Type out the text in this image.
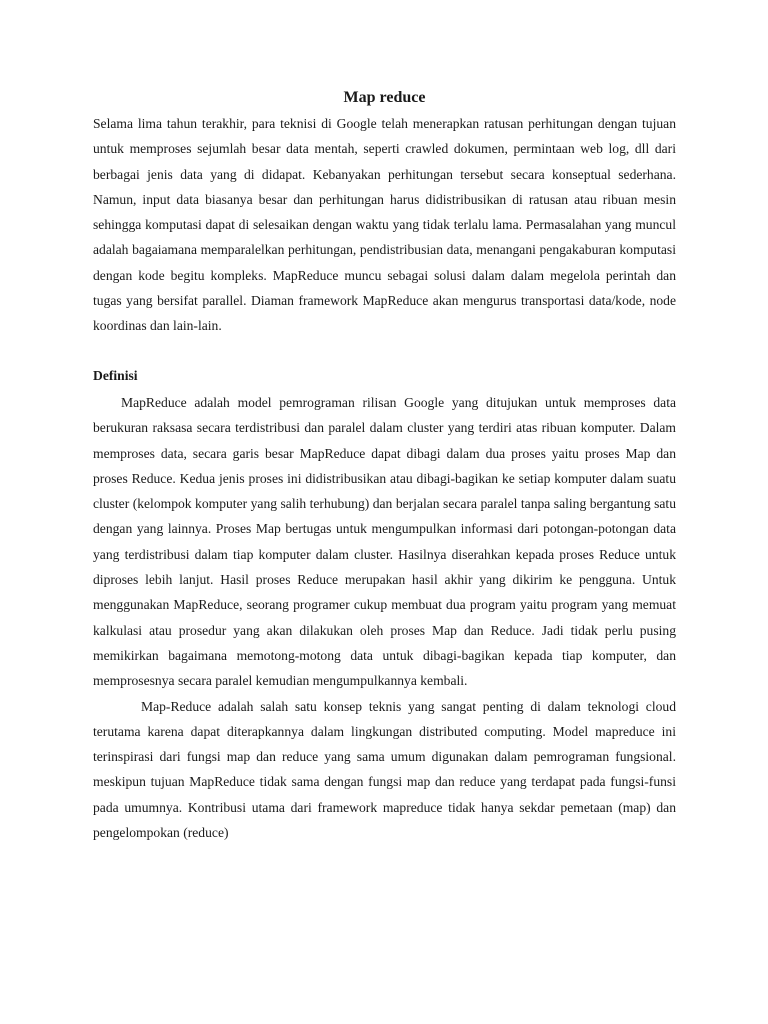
Map reduce

Selama lima tahun terakhir, para teknisi di Google telah menerapkan ratusan perhitungan dengan tujuan untuk memproses sejumlah besar data mentah, seperti crawled dokumen, permintaan web log, dll dari berbagai jenis data yang di didapat. Kebanyakan perhitungan tersebut secara konseptual sederhana. Namun, input data biasanya besar dan perhitungan harus didistribusikan di ratusan atau ribuan mesin sehingga komputasi dapat di selesaikan dengan waktu yang tidak terlalu lama. Permasalahan yang muncul adalah bagaiamana memparalelkan perhitungan, pendistribusian data, menangani pengakaburan komputasi dengan kode begitu kompleks. MapReduce muncu sebagai solusi dalam dalam megelola perintah dan tugas yang bersifat parallel. Diaman framework MapReduce akan mengurus transportasi data/kode, node koordinas dan lain-lain.

Definisi

MapReduce adalah model pemrograman rilisan Google yang ditujukan untuk memproses data berukuran raksasa secara terdistribusi dan paralel dalam cluster yang terdiri atas ribuan komputer. Dalam memproses data, secara garis besar MapReduce dapat dibagi dalam dua proses yaitu proses Map dan proses Reduce. Kedua jenis proses ini didistribusikan atau dibagi-bagikan ke setiap komputer dalam suatu cluster (kelompok komputer yang salih terhubung) dan berjalan secara paralel tanpa saling bergantung satu dengan yang lainnya. Proses Map bertugas untuk mengumpulkan informasi dari potongan-potongan data yang terdistribusi dalam tiap komputer dalam cluster. Hasilnya diserahkan kepada proses Reduce untuk diproses lebih lanjut. Hasil proses Reduce merupakan hasil akhir yang dikirim ke pengguna. Untuk menggunakan MapReduce, seorang programer cukup membuat dua program yaitu program yang memuat kalkulasi atau prosedur yang akan dilakukan oleh proses Map dan Reduce. Jadi tidak perlu pusing memikirkan bagaimana memotong-motong data untuk dibagi-bagikan kepada tiap komputer, dan memprosesnya secara paralel kemudian mengumpulkannya kembali.

Map-Reduce adalah salah satu konsep teknis yang sangat penting di dalam teknologi cloud terutama karena dapat diterapkannya dalam lingkungan distributed computing. Model mapreduce ini terinspirasi dari fungsi map dan reduce yang sama umum digunakan dalam pemrograman fungsional. meskipun tujuan MapReduce tidak sama dengan fungsi map dan reduce yang terdapat pada fungsi-funsi pada umumnya. Kontribusi utama dari framework mapreduce tidak hanya sekdar pemetaan (map) dan pengelompokan (reduce)
